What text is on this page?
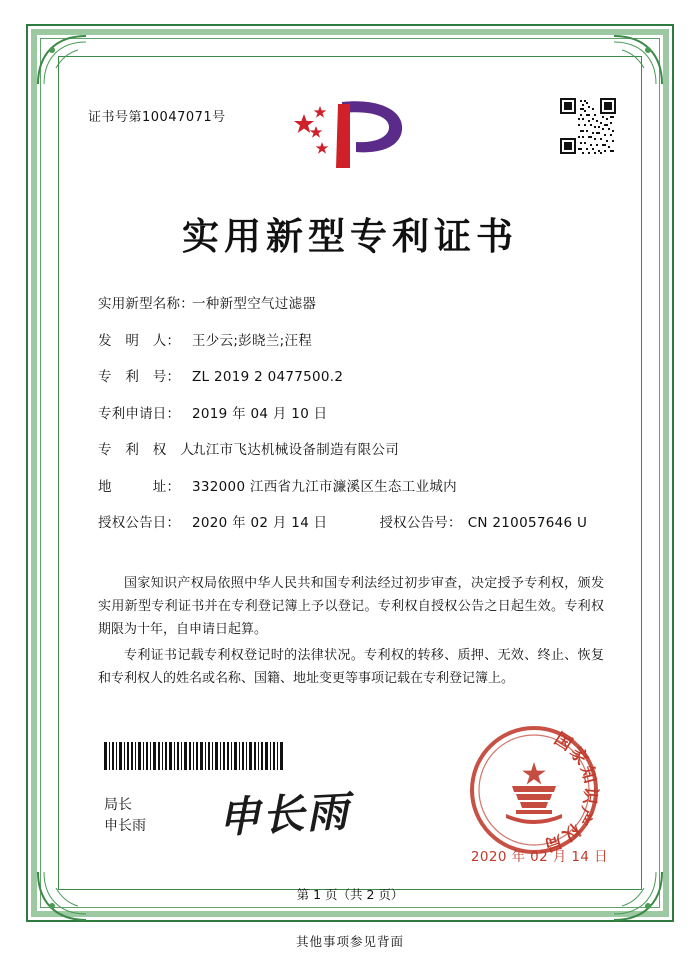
证书号第10047071号
实用新型专利证书
实用新型名称：
一种新型空气过滤器
发　明　人： 王少云;彭晓兰;汪程
专　利　号： ZL 2019 2 0477500.2
专利申请日： 2019 年 04 月 10 日
专　利　权　人：
九江市飞达机械设备制造有限公司
地　　　址： 332000 江西省九江市濂溪区生态工业城内
授权公告日： 2020 年 02 月 14 日	授权公告号： CN 210057646 U

国家知识产权局依照中华人民共和国专利法经过初步审查，决定授予专利权，颁发实用新型专利证书并在专利登记簿上予以登记。专利权自授权公告之日起生效。专利权期限为十年，自申请日起算。

专利证书记载专利权登记时的法律状况。专利权的转移、质押、无效、终止、恢复和专利权人的姓名或名称、国籍、地址变更等事项记载在专利登记簿上。

局长
申长雨 申长雨
国家知识产权局
2020 年 02 月 14 日
第 1 页（共 2 页）
其他事项参见背面
